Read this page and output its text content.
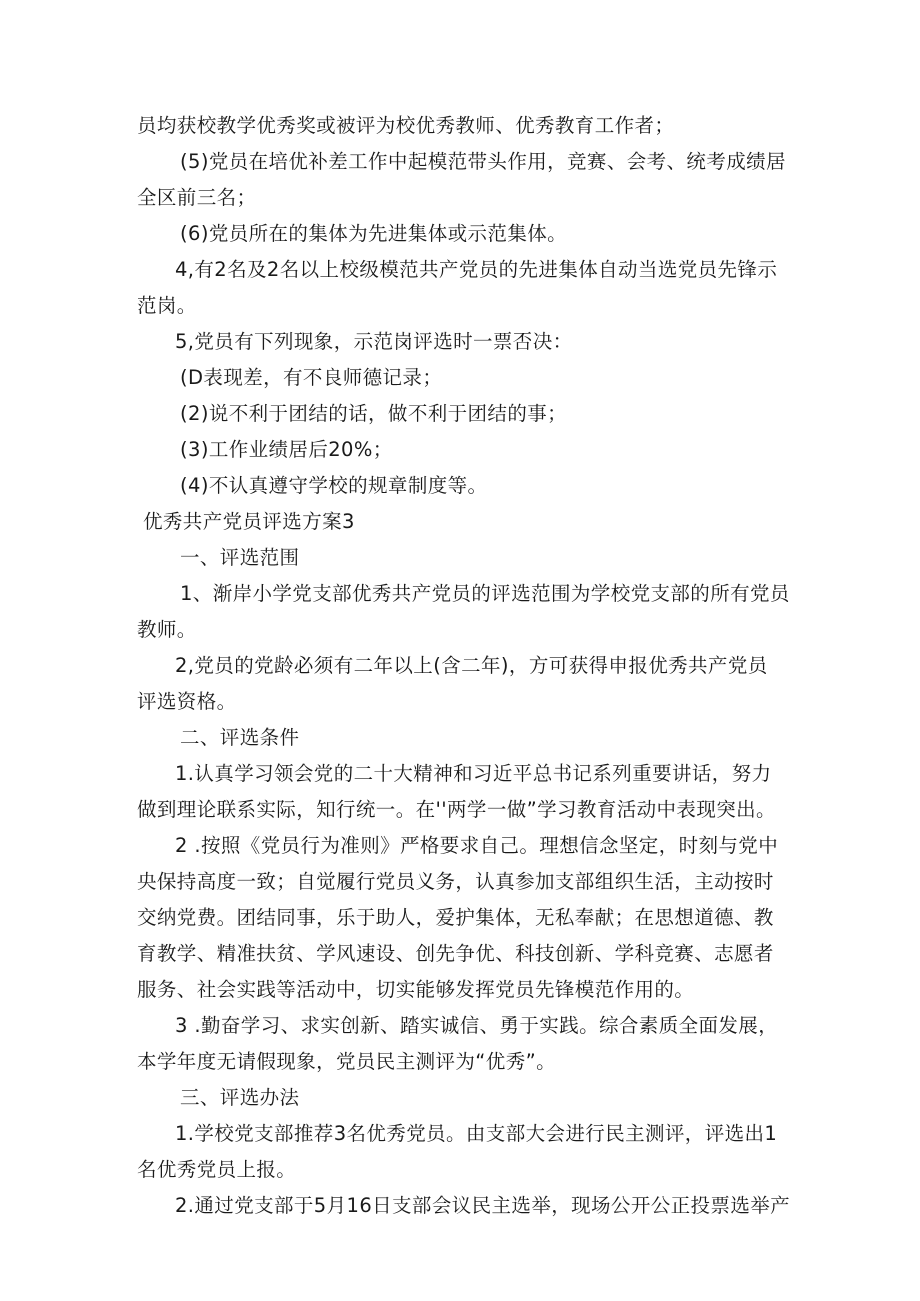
员均获校教学优秀奖或被评为校优秀教师、优秀教育工作者；
(5)党员在培优补差工作中起模范带头作用，竞赛、会考、统考成绩居
全区前三名；
(6)党员所在的集体为先进集体或示范集体。
4,有2名及2名以上校级模范共产党员的先进集体自动当选党员先锋示
范岗。
5,党员有下列现象，示范岗评选时一票否决：
(D表现差，有不良师德记录；
(2)说不利于团结的话，做不利于团结的事；
(3)工作业绩居后20%；
(4)不认真遵守学校的规章制度等。
优秀共产党员评选方案3
一、评选范围
1、渐岸小学党支部优秀共产党员的评选范围为学校党支部的所有党员
教师。
2,党员的党龄必须有二年以上(含二年)，方可获得申报优秀共产党员
评选资格。
二、评选条件
1.认真学习领会党的二十大精神和习近平总书记系列重要讲话，努力
做到理论联系实际，知行统一。在''两学一做”学习教育活动中表现突出。
2 .按照《党员行为准则》严格要求自己。理想信念坚定，时刻与党中
央保持高度一致；自觉履行党员义务，认真参加支部组织生活，主动按时
交纳党费。团结同事，乐于助人，爱护集体，无私奉献；在思想道德、教
育教学、精准扶贫、学风速设、创先争优、科技创新、学科竞赛、志愿者
服务、社会实践等活动中，切实能够发挥党员先锋模范作用的。
3 .勤奋学习、求实创新、踏实诚信、勇于实践。综合素质全面发展，
本学年度无请假现象，党员民主测评为“优秀”。
三、评选办法
1.学校党支部推荐3名优秀党员。由支部大会进行民主测评，评选出1
名优秀党员上报。
2.通过党支部于5月16日支部会议民主选举，现场公开公正投票选举产
